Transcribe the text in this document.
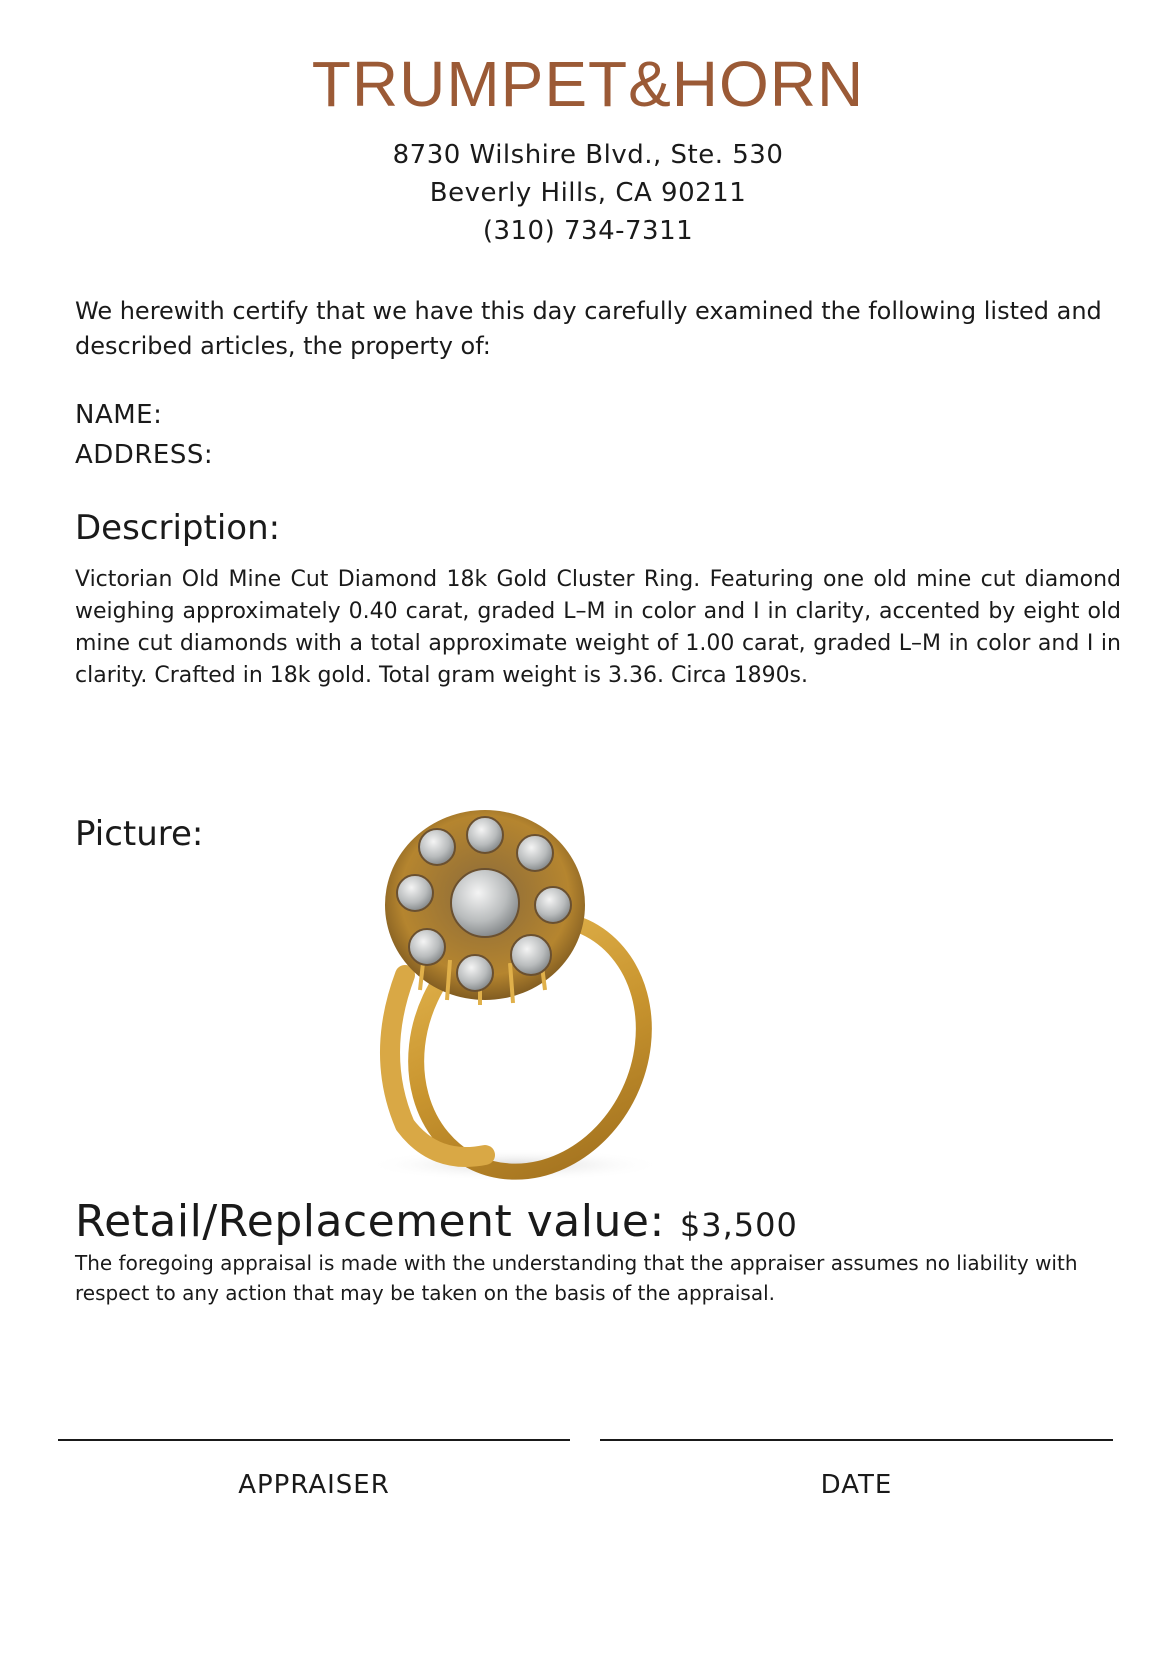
TRUMPET&HORN
8730 Wilshire Blvd., Ste. 530
Beverly Hills, CA 90211
(310) 734-7311
We herewith certify that we have this day carefully examined the following listed and described articles, the property of:
NAME:
ADDRESS:
Description:
Victorian Old Mine Cut Diamond 18k Gold Cluster Ring. Featuring one old mine cut diamond weighing approximately 0.40 carat, graded L–M in color and I in clarity, accented by eight old mine cut diamonds with a total approximate weight of 1.00 carat, graded L–M in color and I in clarity. Crafted in 18k gold. Total gram weight is 3.36. Circa 1890s.
Picture:
Retail/Replacement value: $3,500
The foregoing appraisal is made with the understanding that the appraiser assumes no liability with respect to any action that may be taken on the basis of the appraisal.
APPRAISER	DATE
